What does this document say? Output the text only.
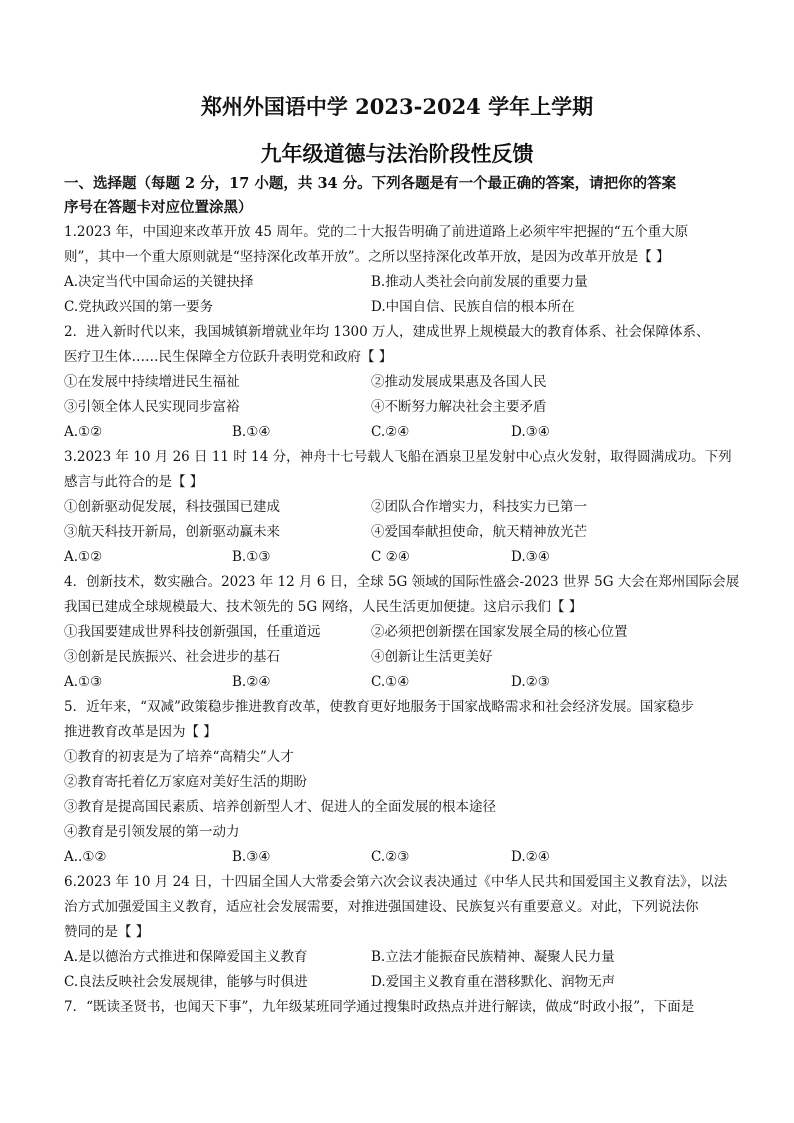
郑州外国语中学 2023-2024 学年上学期
九年级道德与法治阶段性反馈
一、选择题（每题 2 分，17 小题，共 34 分。下列各题是有一个最正确的答案，请把你的答案
序号在答题卡对应位置涂黑）
1.2023 年，中国迎来改革开放 45 周年。党的二十大报告明确了前进道路上必须牢牢把握的“五个重大原
则”，其中一个重大原则就是“坚持深化改革开放”。之所以坚持深化改革开放，是因为改革开放是【 】
A.决定当代中国命运的关键抉择	B.推动人类社会向前发展的重要力量
C.党执政兴国的第一要务	D.中国自信、民族自信的根本所在
2．进入新时代以来，我国城镇新增就业年均 1300 万人，建成世界上规模最大的教育体系、社会保障体系、
医疗卫生体……民生保障全方位跃升表明党和政府【 】
①在发展中持续增进民生福祉	②推动发展成果惠及各国人民
③引领全体人民实现同步富裕	④不断努力解决社会主要矛盾
A.①②	B.①④	C.②④	D.③④
3.2023 年 10 月 26 日 11 时 14 分，神舟十七号载人飞船在酒泉卫星发射中心点火发射，取得圆满成功。下列
感言与此符合的是【 】
①创新驱动促发展，科技强国已建成	②团队合作增实力，科技实力已第一
③航天科技开新局，创新驱动赢未来	④爱国奉献担使命，航天精神放光芒
A.①②	B.①③	C ②④	D.③④
4．创新技术，数实融合。2023 年 12 月 6 日，全球 5G 领域的国际性盛会-2023 世界 5G 大会在郑州国际会展
我国已建成全球规模最大、技术领先的 5G 网络，人民生活更加便捷。这启示我们【 】
①我国要建成世界科技创新强国，任重道远	②必须把创新摆在国家发展全局的核心位置
③创新是民族振兴、社会进步的基石	④创新让生活更美好
A.①③	B.②④	C.①④	D.②③
5．近年来，“双减”政策稳步推进教育改革，使教育更好地服务于国家战略需求和社会经济发展。国家稳步
推进教育改革是因为【 】
①教育的初衷是为了培养“高精尖”人才
②教育寄托着亿万家庭对美好生活的期盼
③教育是提高国民素质、培养创新型人才、促进人的全面发展的根本途径
④教育是引领发展的第一动力
A..①②	B.③④	C.②③	D.②④
6.2023 年 10 月 24 日，十四届全国人大常委会第六次会议表决通过《中华人民共和国爱国主义教育法》，以法
治方式加强爱国主义教育，适应社会发展需要，对推进强国建设、民族复兴有重要意义。对此，下列说法你
赞同的是【 】
A.是以德治方式推进和保障爱国主义教育	B.立法才能振奋民族精神、凝聚人民力量
C.良法反映社会发展规律，能够与时俱进	D.爱国主义教育重在潜移默化、润物无声
7．“既读圣贤书，也闻天下事”，九年级某班同学通过搜集时政热点并进行解读，做成“时政小报”，下面是
